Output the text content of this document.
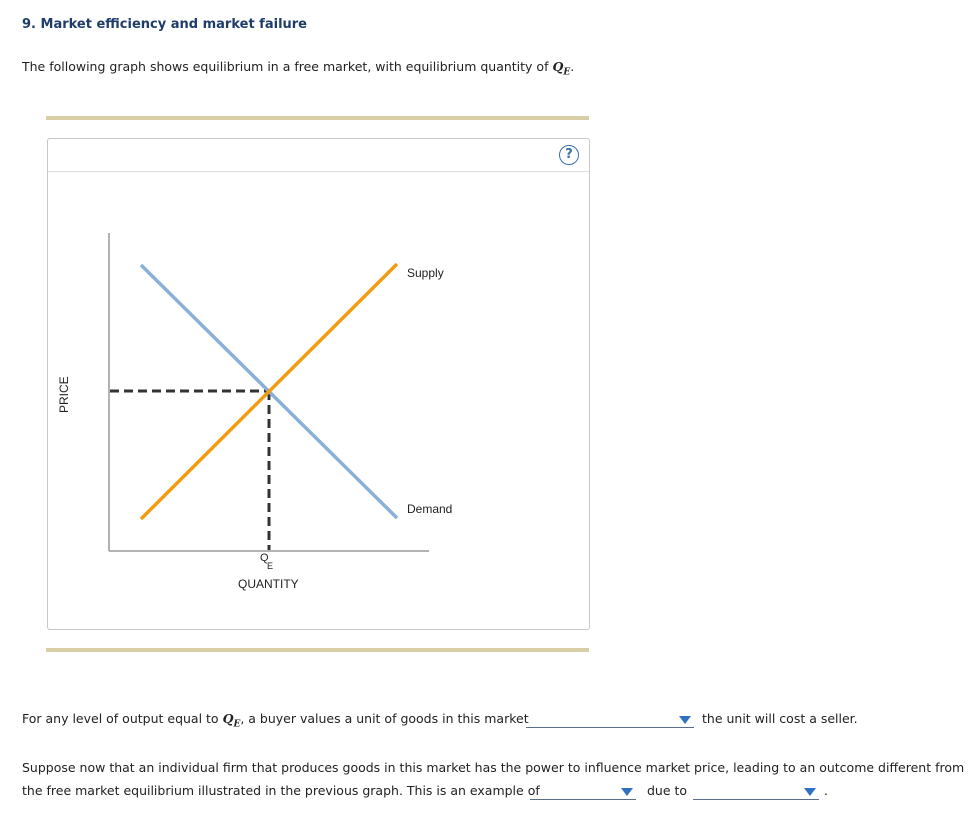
9. Market efficiency and market failure
The following graph shows equilibrium in a free market, with equilibrium quantity of $Q_E$.
?
Supply
Demand
Q
E
QUANTITY
PRICE
For any level of output equal to $Q_E$, a buyer values a unit of goods in this market	the unit will cost a seller.
Suppose now that an individual firm that produces goods in this market has the power to influence market price, leading to an outcome different from
the free market equilibrium illustrated in the previous graph. This is an example of	due to	.
